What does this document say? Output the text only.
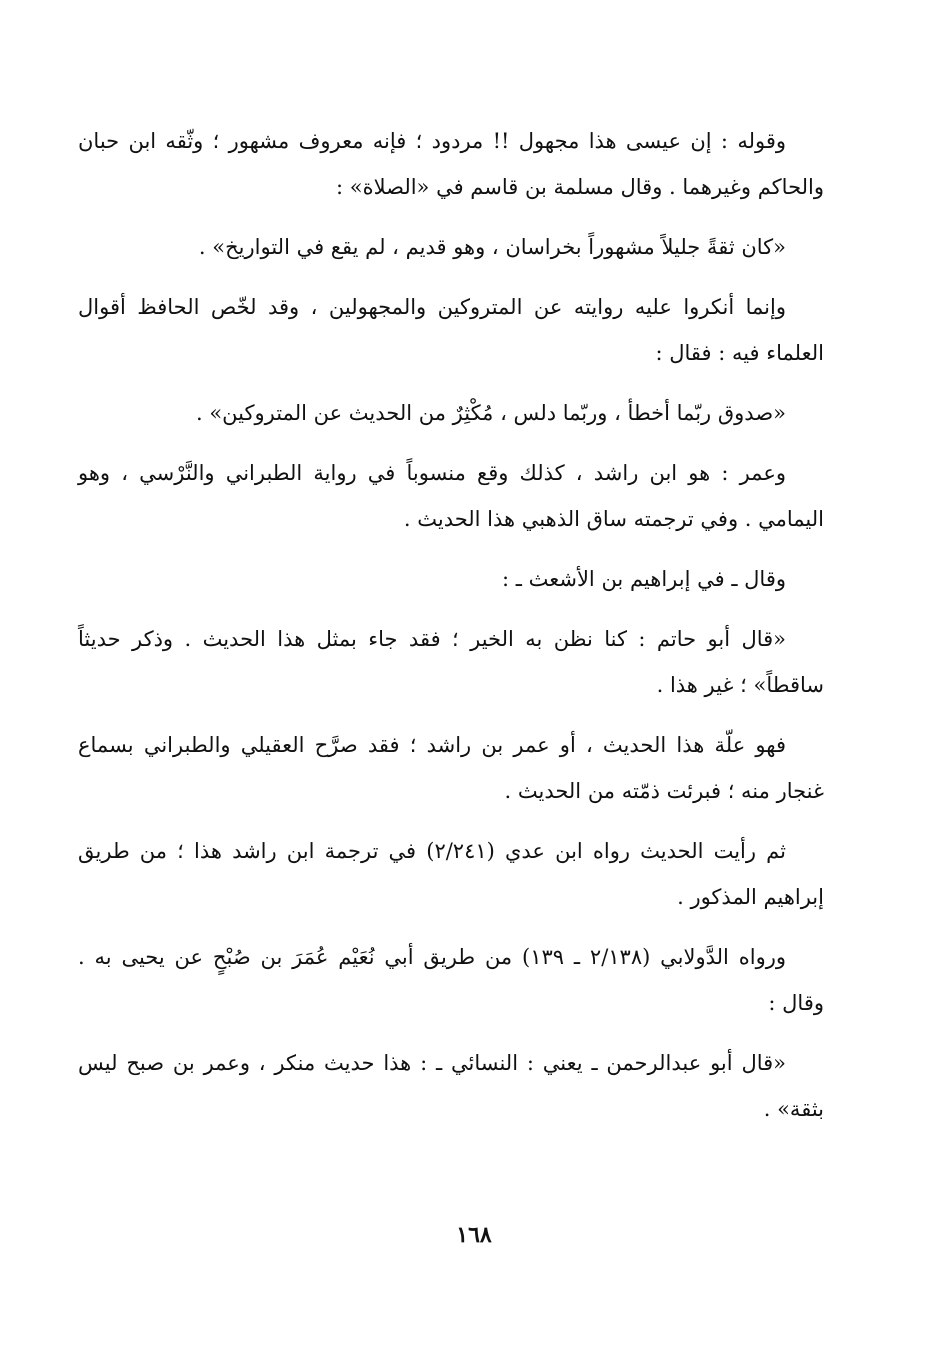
وقوله : إن عيسى هذا مجهول !! مردود ؛ فإنه معروف مشهور ؛ وثّقه ابن حبان والحاكم وغيرهما . وقال مسلمة بن قاسم في «الصلاة» :

«كان ثقةً جليلاً مشهوراً بخراسان ، وهو قديم ، لم يقع في التواريخ» .

وإنما أنكروا عليه روايته عن المتروكين والمجهولين ، وقد لخّص الحافظ أقوال العلماء فيه : فقال :

«صدوق ربّما أخطأ ، وربّما دلس ، مُكْثِرٌ من الحديث عن المتروكين» .

وعمر : هو ابن راشد ، كذلك وقع منسوباً في رواية الطبراني والنَّرْسي ، وهو اليمامي . وفي ترجمته ساق الذهبي هذا الحديث .

وقال ـ في إبراهيم بن الأشعث ـ :

«قال أبو حاتم : كنا نظن به الخير ؛ فقد جاء بمثل هذا الحديث . وذكر حديثاً ساقطاً» ؛ غير هذا .

فهو علّة هذا الحديث ، أو عمر بن راشد ؛ فقد صرَّح العقيلي والطبراني بسماع غنجار منه ؛ فبرئت ذمّته من الحديث .

ثم رأيت الحديث رواه ابن عدي (٢/٢٤١) في ترجمة ابن راشد هذا ؛ من طريق إبراهيم المذكور .

ورواه الدَّولابي (٢/١٣٨ ـ ١٣٩) من طريق أبي نُعَيْم عُمَرَ بن صُبْحٍ عن يحيى به . وقال :

«قال أبو عبدالرحمن ـ يعني : النسائي ـ : هذا حديث منكر ، وعمر بن صبح ليس بثقة» .

١٦٨
